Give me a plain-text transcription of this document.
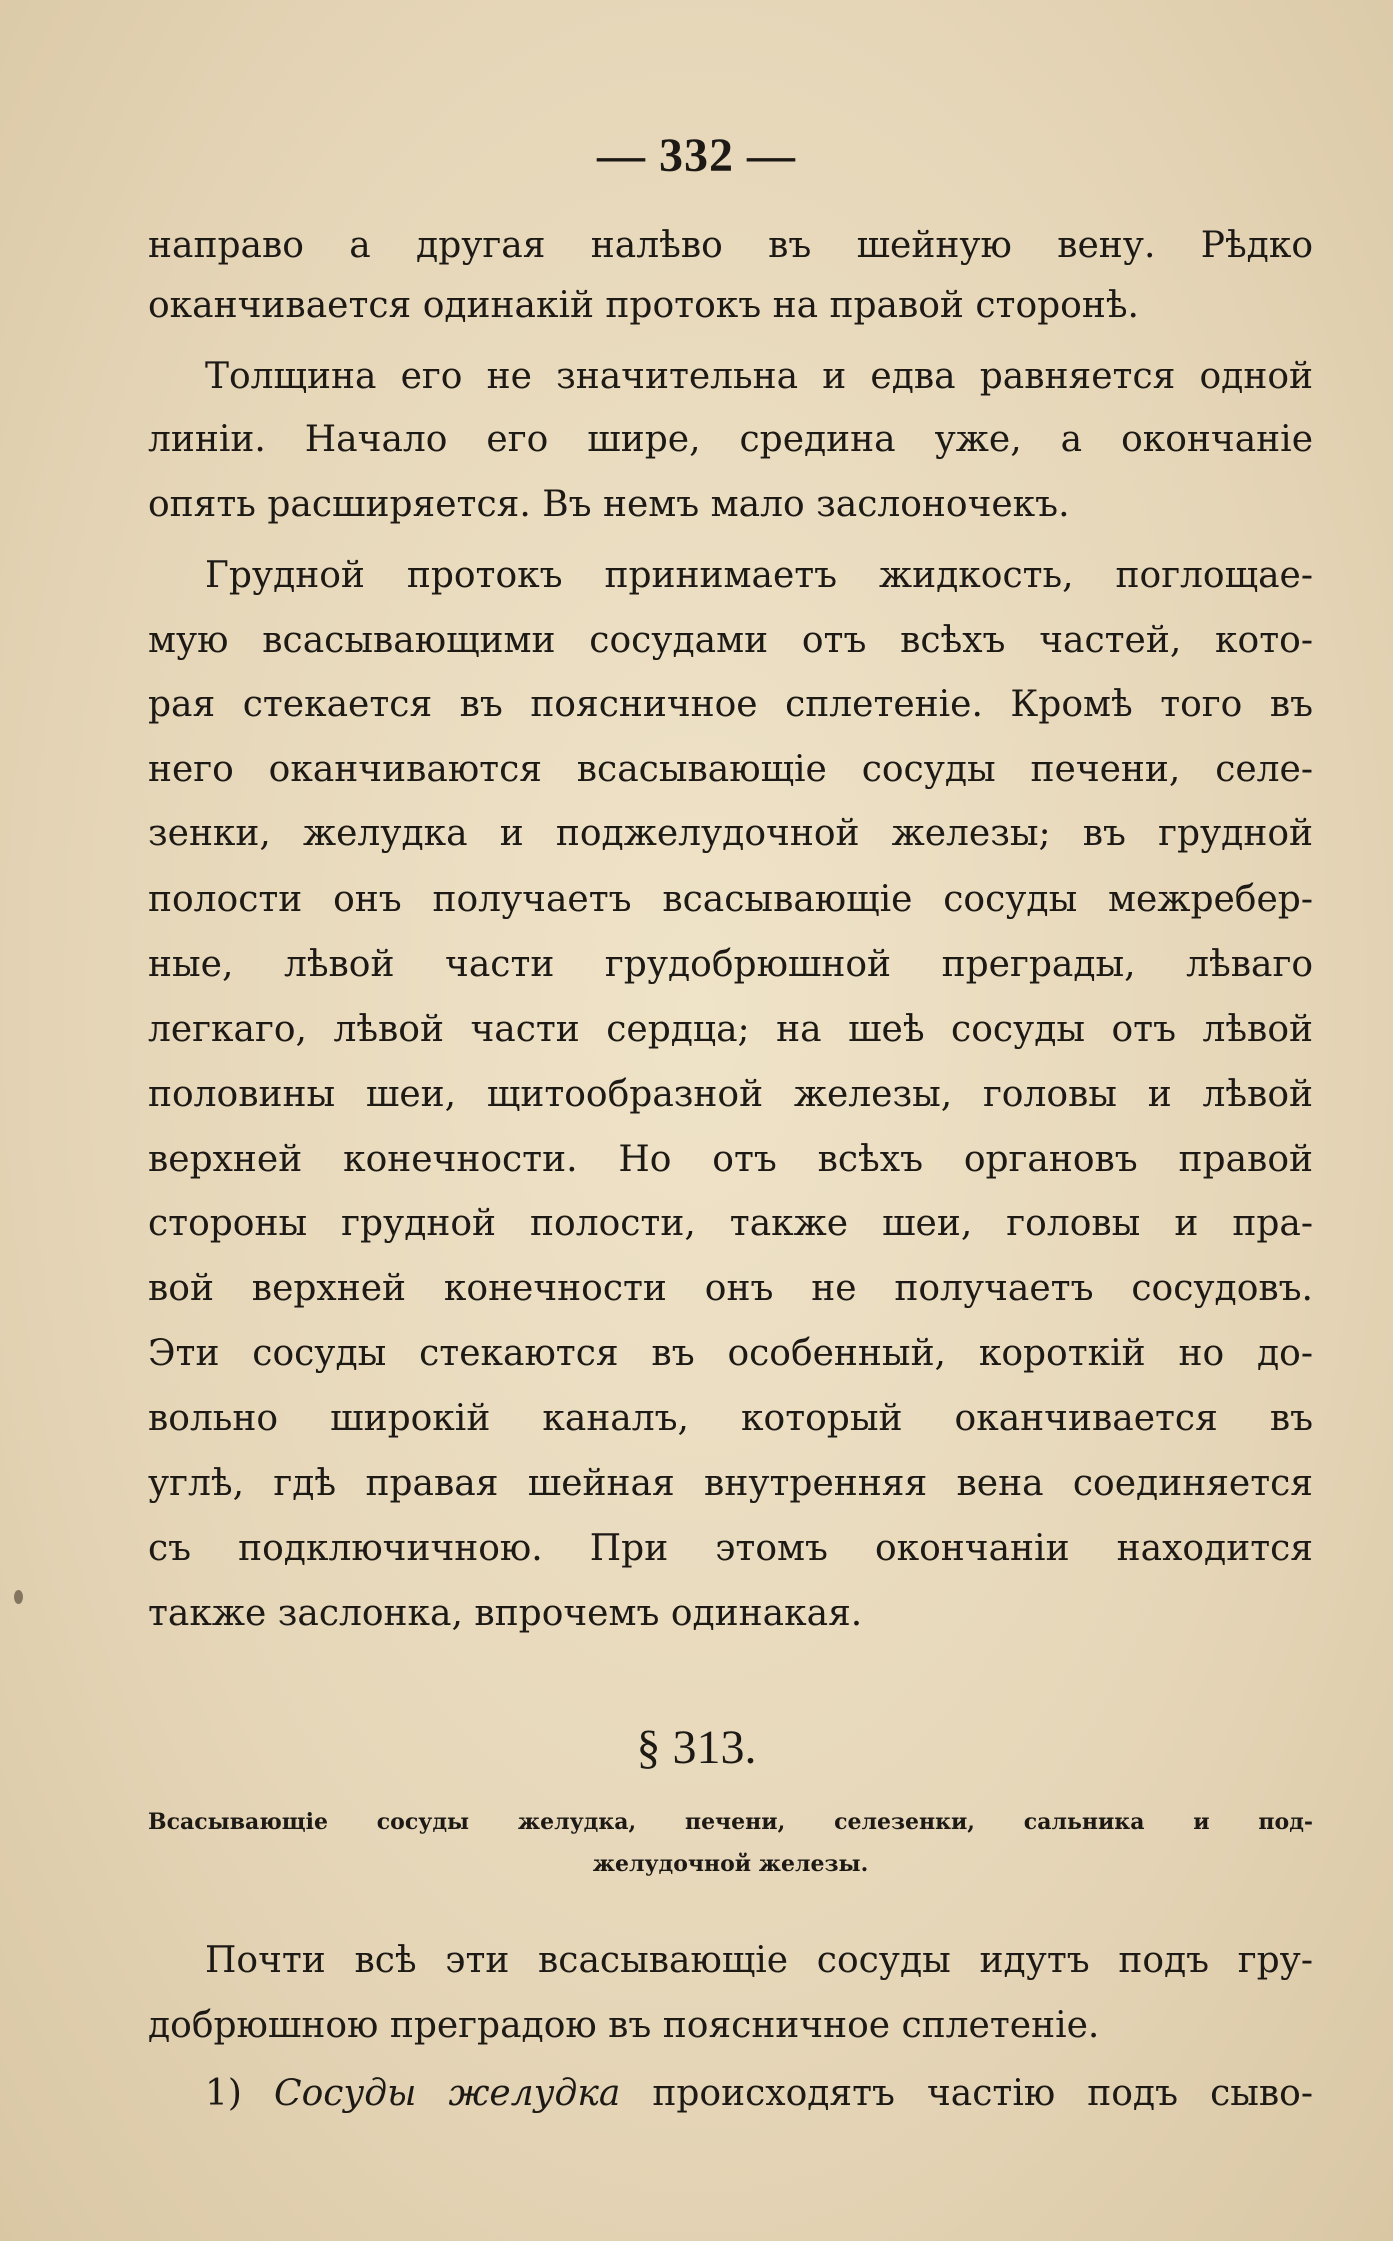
— 332 —
направо а другая налѣво въ шейную вену. Рѣдко
оканчивается одинакій протокъ на правой сторонѣ.
Толщина его не значительна и едва равняется одной
линіи. Начало его шире, средина уже, а окончаніе
опять расширяется. Въ немъ мало заслоночекъ.
Грудной протокъ принимаетъ жидкость, поглощае-
мую всасывающими сосудами отъ всѣхъ частей, кото-
рая стекается въ поясничное сплетеніе. Кромѣ того въ
него оканчиваются всасывающіе сосуды печени, селе-
зенки, желудка и поджелудочной железы; въ грудной
полости онъ получаетъ всасывающіе сосуды межребер-
ные, лѣвой части грудобрюшной преграды, лѣваго
легкаго, лѣвой части сердца; на шеѣ сосуды отъ лѣвой
половины шеи, щитообразной железы, головы и лѣвой
верхней конечности. Но отъ всѣхъ органовъ правой
стороны грудной полости, также шеи, головы и пра-
вой верхней конечности онъ не получаетъ сосудовъ.
Эти сосуды стекаются въ особенный, короткій но до-
вольно широкій каналъ, который оканчивается въ
углѣ, гдѣ правая шейная внутренняя вена соединяется
съ подключичною. При этомъ окончаніи находится
также заслонка, впрочемъ одинакая.
§ 313.
Всасывающіе сосуды желудка, печени, селезенки, сальника и под-
желудочной железы.
Почти всѣ эти всасывающіе сосуды идутъ подъ гру-
добрюшною преградою въ поясничное сплетеніе.
1) Сосуды желудка происходятъ частію подъ сыво-
